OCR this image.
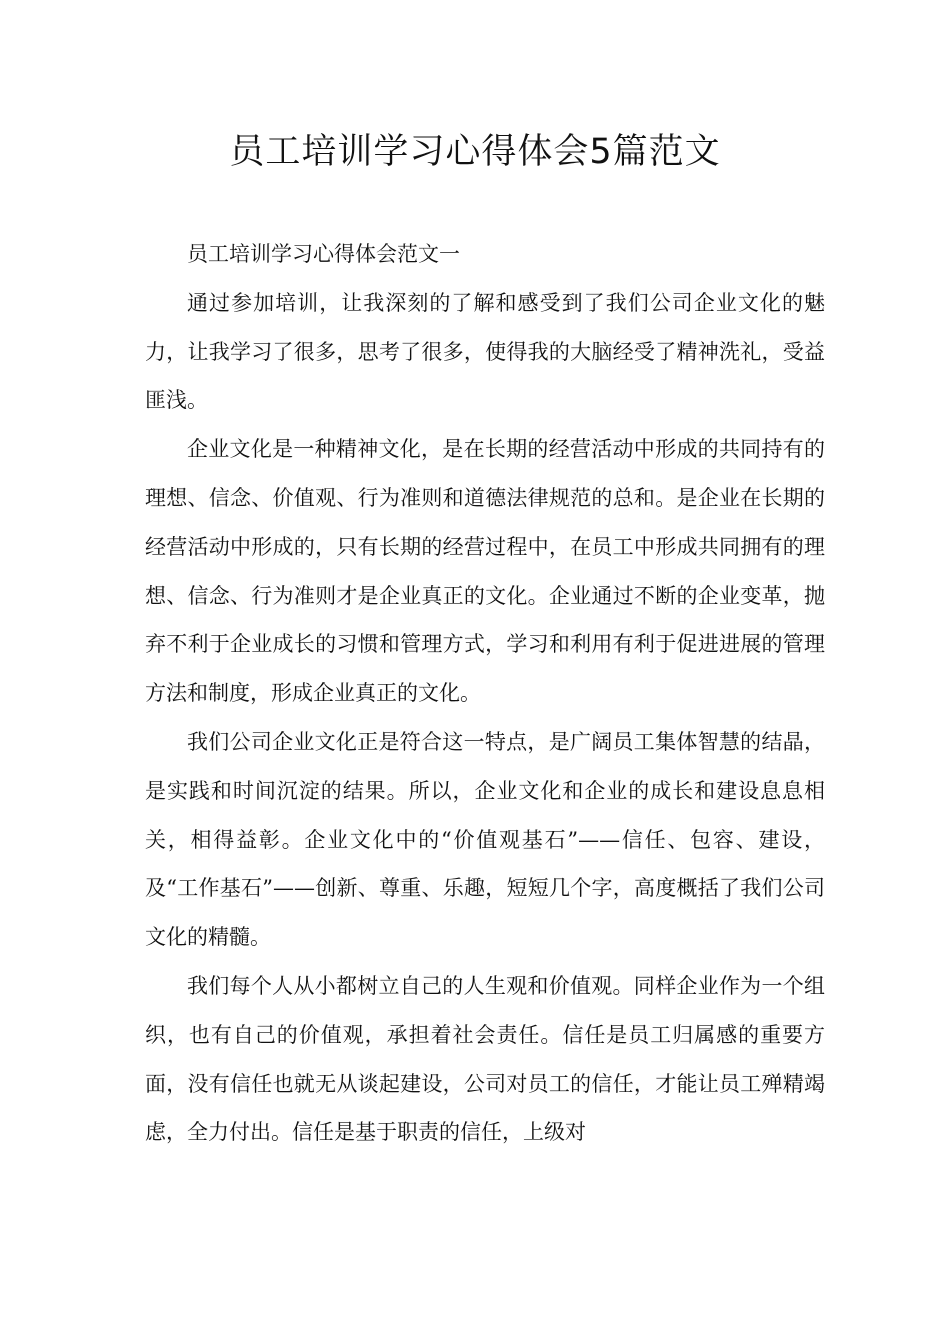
员工培训学习心得体会5篇范文

员工培训学习心得体会范文一

通过参加培训，让我深刻的了解和感受到了我们公司企业文化的魅力，让我学习了很多，思考了很多，使得我的大脑经受了精神洗礼，受益匪浅。

企业文化是一种精神文化，是在长期的经营活动中形成的共同持有的理想、信念、价值观、行为准则和道德法律规范的总和。是企业在长期的经营活动中形成的，只有长期的经营过程中，在员工中形成共同拥有的理想、信念、行为准则才是企业真正的文化。企业通过不断的企业变革，抛弃不利于企业成长的习惯和管理方式，学习和利用有利于促进进展的管理方法和制度，形成企业真正的文化。

我们公司企业文化正是符合这一特点，是广阔员工集体智慧的结晶，是实践和时间沉淀的结果。所以，企业文化和企业的成长和建设息息相关，相得益彰。企业文化中的“价值观基石”——信任、包容、建设，及“工作基石”——创新、尊重、乐趣，短短几个字，高度概括了我们公司文化的精髓。

我们每个人从小都树立自己的人生观和价值观。同样企业作为一个组织，也有自己的价值观，承担着社会责任。信任是员工归属感的重要方面，没有信任也就无从谈起建设，公司对员工的信任，才能让员工殚精竭虑，全力付出。信任是基于职责的信任，上级对
